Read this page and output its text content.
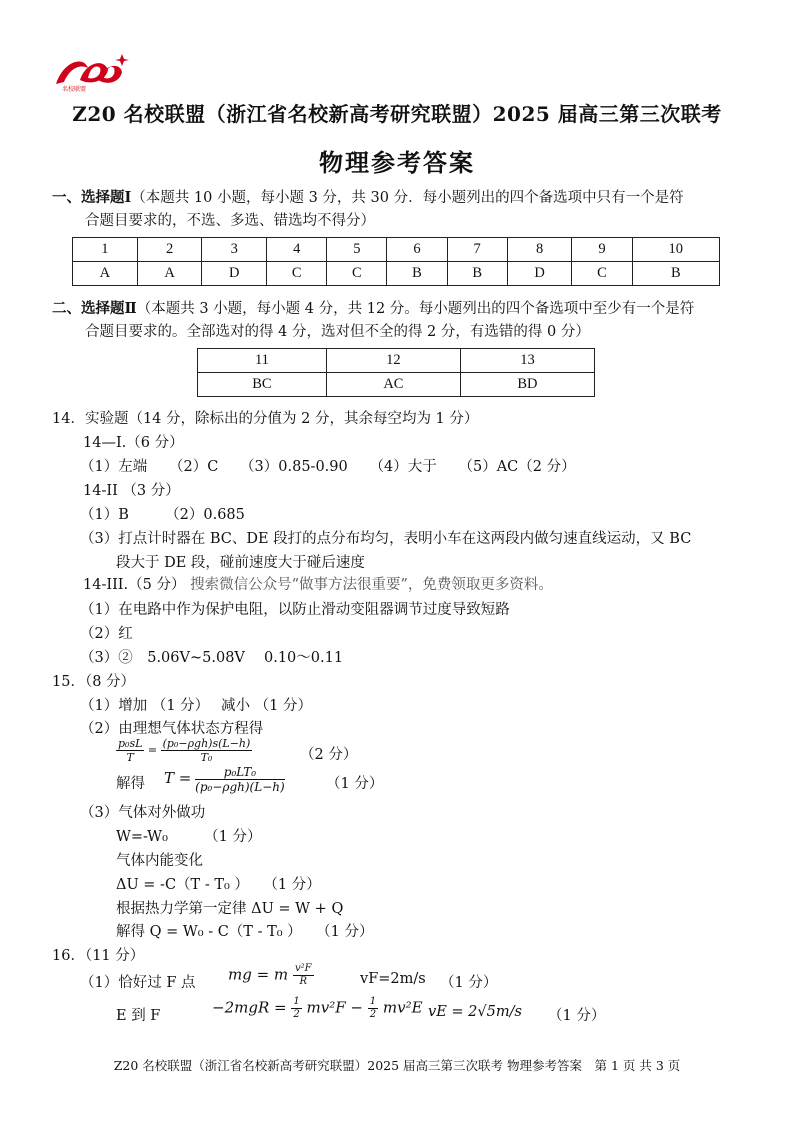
名校联盟
Z20 名校联盟（浙江省名校新高考研究联盟）2025 届高三第三次联考
物理参考答案
一、选择题Ⅰ（本题共 10 小题，每小题 3 分，共 30 分．每小题列出的四个备选项中只有一个是符
合题目要求的，不选、多选、错选均不得分）
1	2	3	4	5	6	7	8	9	10
A	A	D	C	C	B	B	D	C	B
二、选择题Ⅱ（本题共 3 小题，每小题 4 分，共 12 分。每小题列出的四个备选项中至少有一个是符
合题目要求的。全部选对的得 4 分，选对但不全的得 2 分，有选错的得 0 分）
11	12	13
BC	AC	BD
14．实验题（14 分，除标出的分值为 2 分，其余每空均为 1 分）
14—I.（6 分）
（1）左端　　（2）C　　（3）0.85-0.90　　（4）大于　　（5）AC（2 分）
14-II （3 分）
（1）B　　　（2）0.685
（3）打点计时器在 BC、DE 段打的点分布均匀，表明小车在这两段内做匀速直线运动，又 BC
段大于 DE 段，碰前速度大于碰后速度
14-III.（5 分） 搜索微信公众号“做事方法很重要”，免费领取更多资料。
（1）在电路中作为保护电阻，以防止滑动变阻器调节过度导致短路
（2）红
（3）②　5.06V~5.08V　 0.10～0.11
15．（8 分）
（1）增加 （1 分）　 减小 （1 分）
（2）由理想气体状态方程得
$\frac{\text{p₀sL}}{T} = \frac{\text{(p₀−ρgh)s(L−h)}}{\text{T₀}}$	（2 分）
解得 $T = \frac{\text{p₀LT₀}}{\text{(p₀−ρgh)(L−h)}}$	（1 分）
（3）气体对外做功
W=-W₀　　　（1 分）
气体内能变化
ΔU = -C（T - T₀ ）　　（1 分）
根据热力学第一定律 ΔU = W + Q
解得 Q = W₀ - C（T - T₀ ）　　（1 分）
16．（11 分）
（1）恰好过 F 点 mg = m $\frac{\text{v²F}}{R}$	vF=2m/s （1 分）
E 到 F	$-2mgR = \frac{1}{2} mv^2F - \frac{1}{2} mv^2E$ vE = 2√5m/s （1 分）
Z20 名校联盟（浙江省名校新高考研究联盟）2025 届高三第三次联考 物理参考答案　第 1 页 共 3 页
